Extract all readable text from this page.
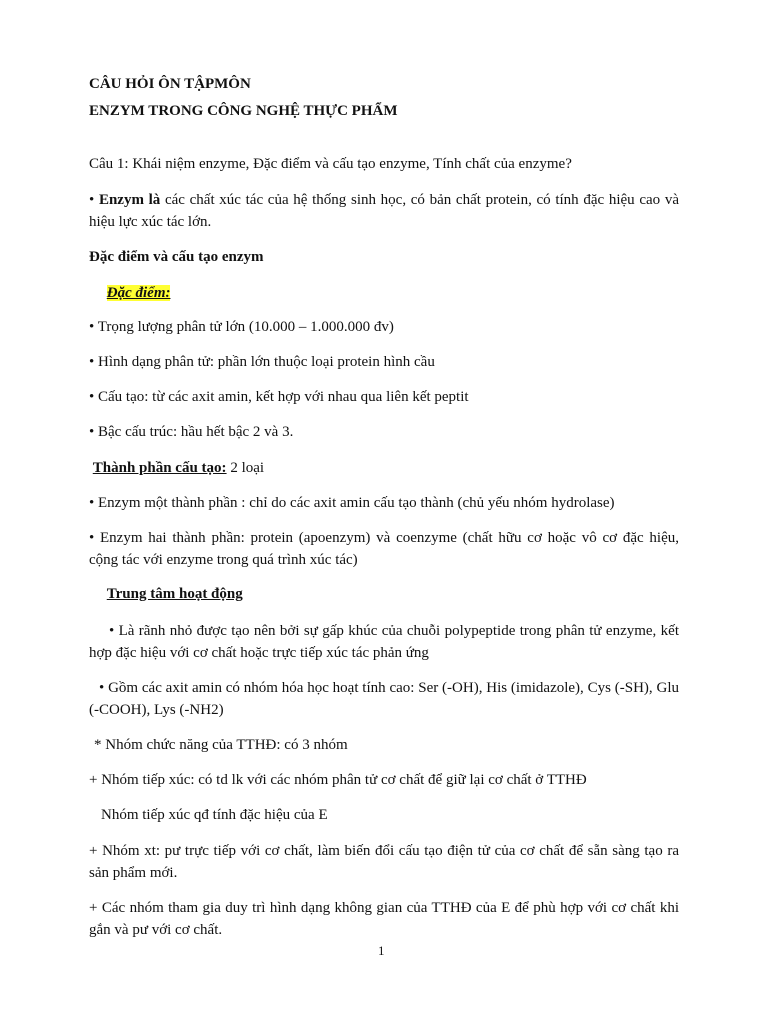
CÂU HỎI ÔN TẬPMÔN
ENZYM TRONG CÔNG NGHỆ THỰC PHẨM
Câu 1: Khái niệm enzyme, Đặc điểm và cấu tạo enzyme, Tính chất của enzyme?
• Enzym là các chất xúc tác của hệ thống sinh học, có bản chất protein, có tính đặc hiệu cao và hiệu lực xúc tác lớn.
Đặc điểm và cấu tạo enzym
Đặc điểm:
• Trọng lượng phân tử lớn (10.000 – 1.000.000 đv)
• Hình dạng phân tử: phần lớn thuộc loại protein hình cầu
• Cấu tạo: từ các axit amin, kết hợp với nhau qua liên kết peptit
• Bậc cấu trúc: hầu hết bậc 2 và 3.
Thành phần cấu tạo: 2 loại
• Enzym một thành phần : chỉ do các axit amin cấu tạo thành (chủ yếu nhóm hydrolase)
• Enzym hai thành phần: protein (apoenzym) và coenzyme (chất hữu cơ hoặc vô cơ đặc hiệu, cộng tác với enzyme trong quá trình xúc tác)
Trung tâm hoạt động
• Là rãnh nhỏ được tạo nên bởi sự gấp khúc của chuỗi polypeptide trong phân tử enzyme, kết hợp đặc hiệu với cơ chất hoặc trực tiếp xúc tác phản ứng
• Gồm các axit amin có nhóm hóa học hoạt tính cao: Ser (-OH), His (imidazole), Cys (-SH), Glu (-COOH), Lys (-NH2)
* Nhóm chức năng của TTHĐ: có 3 nhóm
+ Nhóm tiếp xúc: có td lk với các nhóm phân tử cơ chất để giữ lại cơ chất ở TTHĐ
Nhóm tiếp xúc qđ tính đặc hiệu của E
+ Nhóm xt: pư trực tiếp với cơ chất, làm biến đổi cấu tạo điện tử của cơ chất để sẵn sàng tạo ra sản phẩm mới.
+ Các nhóm tham gia duy trì hình dạng không gian của TTHĐ của E để phù hợp với cơ chất khi gắn và pư với cơ chất.
1
